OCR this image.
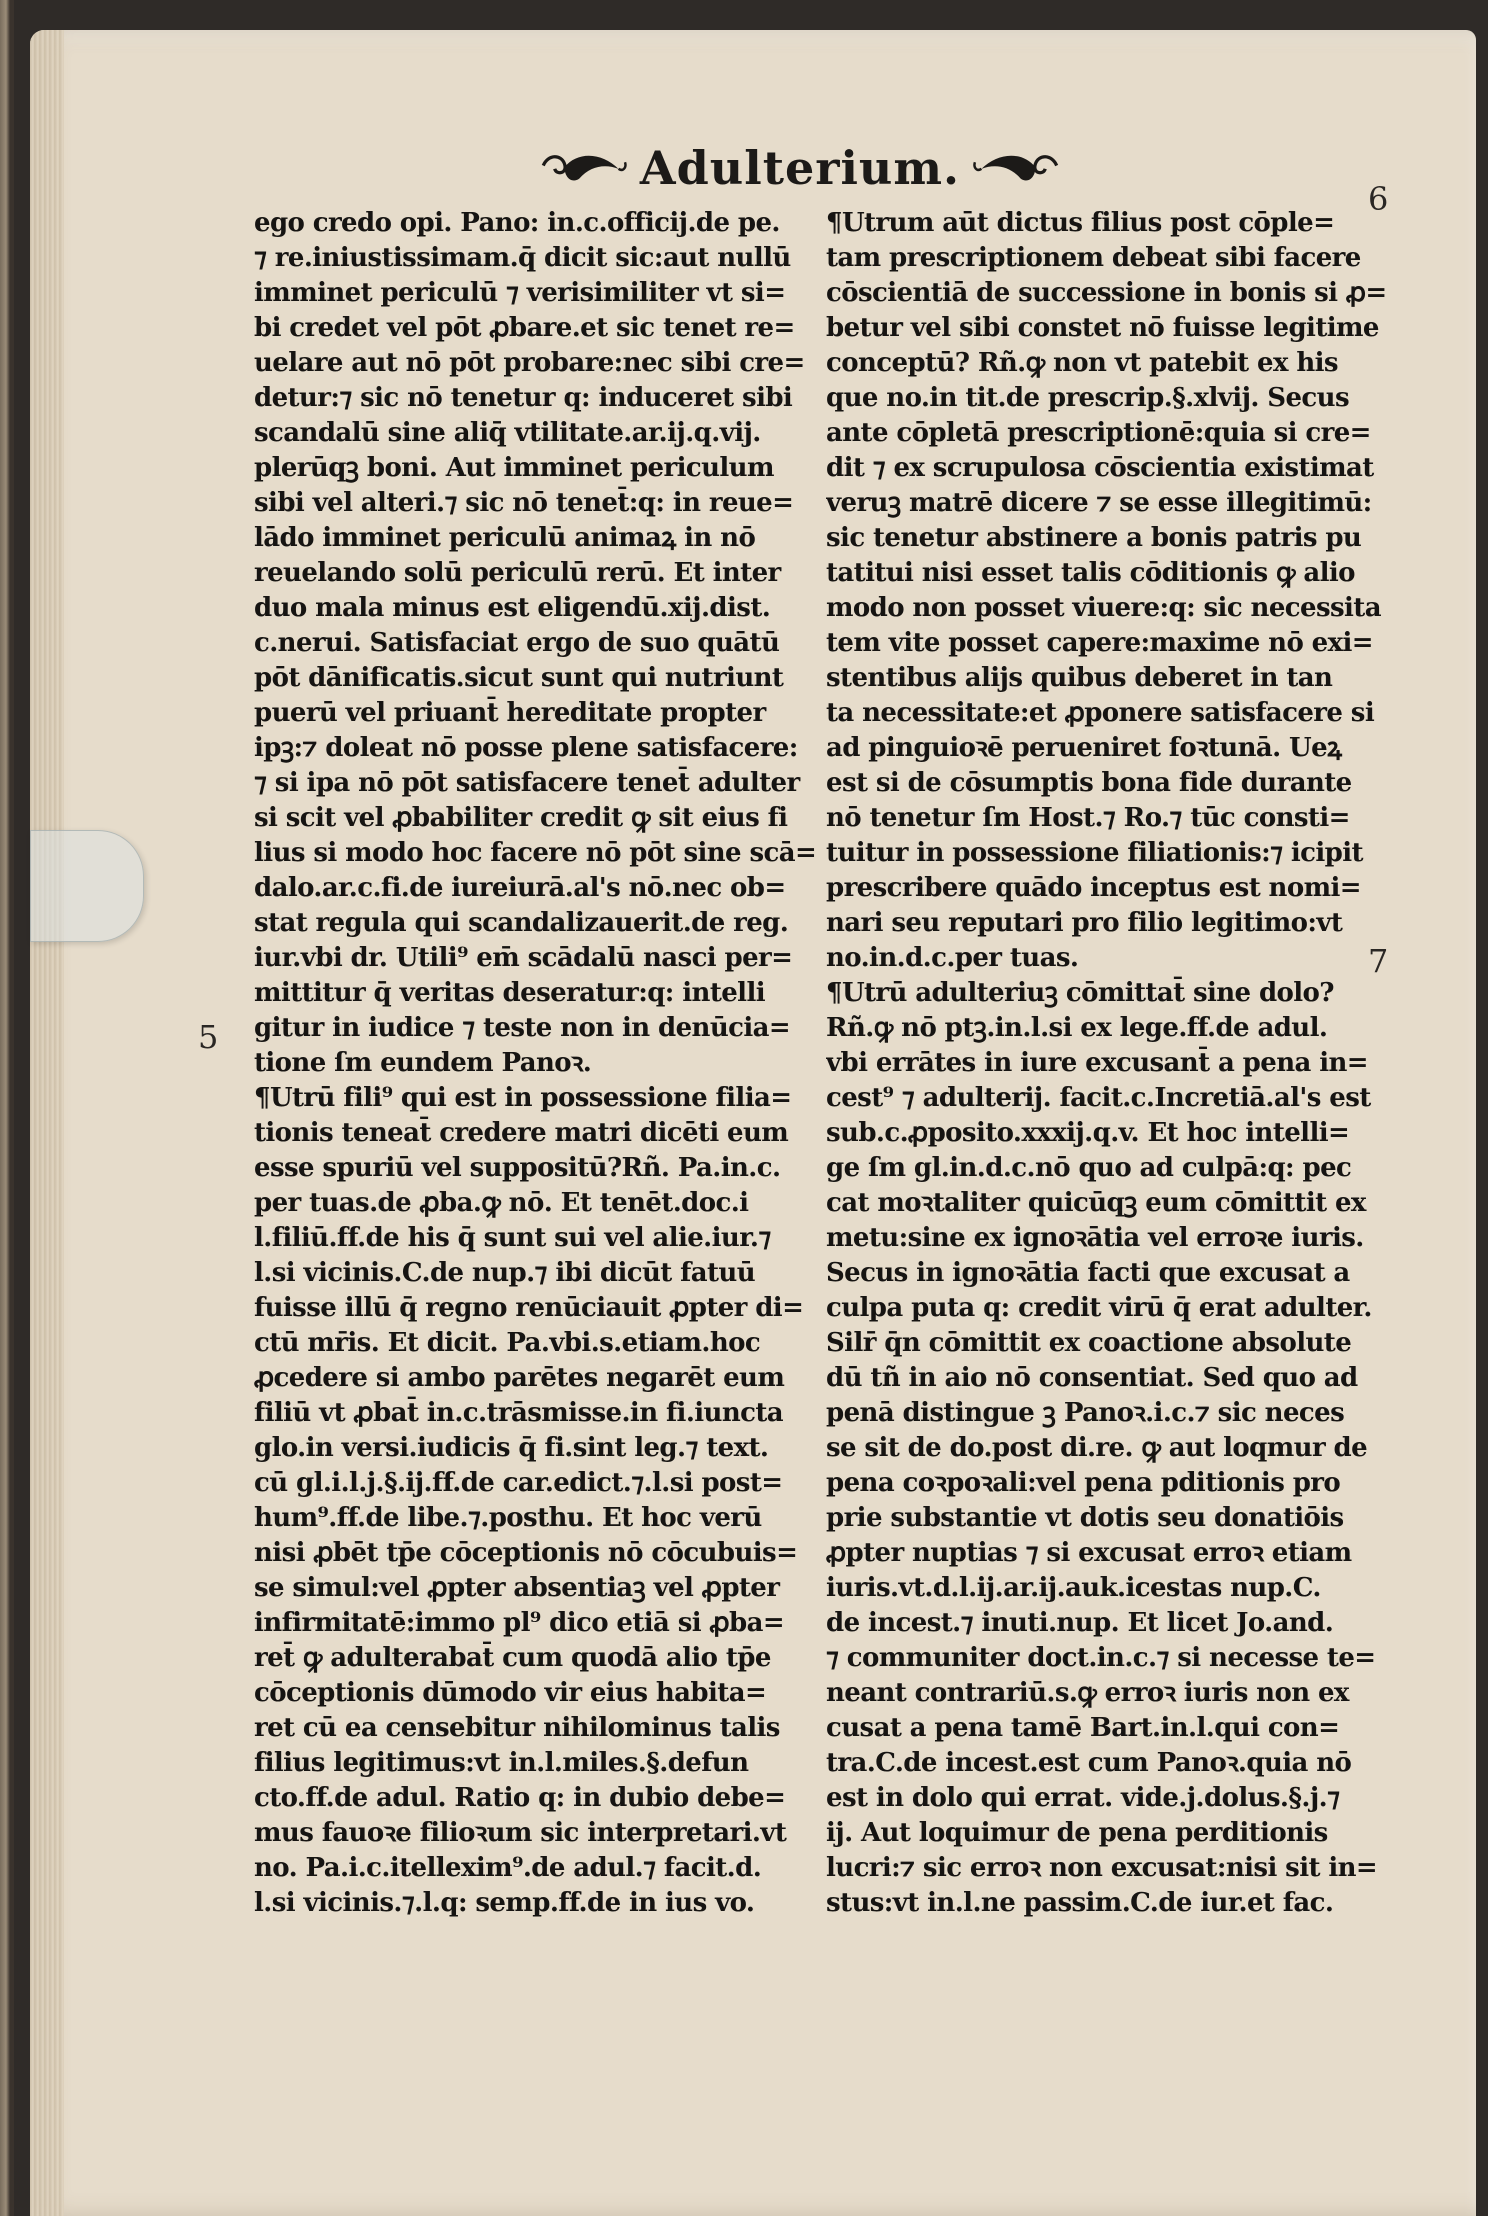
Adulterium.
6
7
5
ego credo opi. Pano: in.c.officij.de pe.
⁊ re.iniustissimam.q̄ dicit sic:aut nullū
imminet periculū ⁊ verisimiliter vt si=
bi credet vel pōt ꝓbare.et sic tenet re=
uelare aut nō pōt probare:nec sibi cre=
detur:⁊ sic nō tenetur q: induceret sibi
scandalū sine aliq̄ vtilitate.ar.ij.q.vij.
plerūqꝫ boni. Aut imminet periculum
sibi vel alteri.⁊ sic nō tenet̄:q: in reue=
lādo imminet periculū animaꝝ in nō
reuelando solū periculū rerū. Et inter
duo mala minus est eligendū.xij.dist.
c.nerui. Satisfaciat ergo de suo quātū
pōt dānificatis.sicut sunt qui nutriunt
puerū vel priuant̄ hereditate propter
ipꝫ:⁊ doleat nō posse plene satisfacere:
⁊ si ipa nō pōt satisfacere tenet̄ adulter
si scit vel ꝓbabiliter credit ꝙ sit eius fi
lius si modo hoc facere nō pōt sine scā=
dalo.ar.c.fi.de iureiurā.al's nō.nec ob=
stat regula qui scandalizauerit.de reg.
iur.vbi dr. Utili⁹ em̄ scādalū nasci per=
mittitur q̄ veritas deseratur:q: intelli
gitur in iudice ⁊ teste non in denūcia=
tione ſm eundem Panoꝛ.
¶Utrū fili⁹ qui est in possessione filia=
tionis teneat̄ credere matri dicēti eum
esse spuriū vel suppositū?Rñ. Pa.in.c.
per tuas.de ꝓba.ꝙ nō. Et tenēt.doc.i
l.filiū.ff.de his q̄ sunt sui vel alie.iur.⁊
l.si vicinis.C.de nup.⁊ ibi dicūt fatuū
fuisse illū q̄ regno renūciauit ꝓpter di=
ctū mr̄is. Et dicit. Pa.vbi.s.etiam.hoc
ꝓcedere si ambo parētes negarēt eum
filiū vt ꝓbat̄ in.c.trāsmisse.in fi.iuncta
glo.in versi.iudicis q̄ fi.sint leg.⁊ text.
cū gl.i.l.j.§.ij.ff.de car.edict.⁊.l.si post=
hum⁹.ff.de libe.⁊.posthu. Et hoc verū
nisi ꝓbēt tp̄e cōceptionis nō cōcubuis=
se simul:vel ꝓpter absentiaꝫ vel ꝓpter
infirmitatē:immo pl⁹ dico etiā si ꝓba=
ret̄ ꝙ adulterabat̄ cum quodā alio tp̄e
cōceptionis dūmodo vir eius habita=
ret cū ea censebitur nihilominus talis
filius legitimus:vt in.l.miles.§.defun
cto.ff.de adul. Ratio q: in dubio debe=
mus fauoꝛe filioꝛum sic interpretari.vt
no. Pa.i.c.itellexim⁹.de adul.⁊ facit.d.
l.si vicinis.⁊.l.q: semp.ff.de in ius vo.
¶Utrum aūt dictus filius post cōple=
tam prescriptionem debeat sibi facere
cōscientiā de successione in bonis si ꝓ=
betur vel sibi constet nō fuisse legitime
conceptū? Rñ.ꝙ non vt patebit ex his
que no.in tit.de prescrip.§.xlvij. Secus
ante cōpletā prescriptionē:quia si cre=
dit ⁊ ex scrupulosa cōscientia existimat
veruꝫ matrē dicere ⁊ se esse illegitimū:
sic tenetur abstinere a bonis patris pu
tatitui nisi esset talis cōditionis ꝙ alio
modo non posset viuere:q: sic necessita
tem vite posset capere:maxime nō exi=
stentibus alijs quibus deberet in tan
ta necessitate:et ꝓponere satisfacere si
ad pinguioꝛē perueniret foꝛtunā. Ueꝝ
est si de cōsumptis bona fide durante
nō tenetur ſm Host.⁊ Ro.⁊ tūc consti=
tuitur in possessione filiationis:⁊ icipit
prescribere quādo inceptus est nomi=
nari seu reputari pro filio legitimo:vt
no.in.d.c.per tuas.
¶Utrū adulteriuꝫ cōmittat̄ sine dolo?
Rñ.ꝙ nō ptꝫ.in.l.si ex lege.ff.de adul.
vbi errātes in iure excusant̄ a pena in=
cest⁹ ⁊ adulterij. facit.c.Incretiā.al's est
sub.c.ꝓposito.xxxij.q.v. Et hoc intelli=
ge ſm gl.in.d.c.nō quo ad culpā:q: pec
cat moꝛtaliter quicūqꝫ eum cōmittit ex
metu:sine ex ignoꝛātia vel erroꝛe iuris.
Secus in ignoꝛātia facti que excusat a
culpa puta q: credit virū q̄ erat adulter.
Silr̄ q̄n cōmittit ex coactione absolute
dū tñ in aio nō consentiat. Sed quo ad
penā distingue ꝫ Panoꝛ.i.c.⁊ sic neces
se sit de do.post di.re. ꝙ aut loqmur de
pena coꝛpoꝛali:vel pena pditionis pro
prie substantie vt dotis seu donatiōis
ꝓpter nuptias ⁊ si excusat erroꝛ etiam
iuris.vt.d.l.ij.ar.ij.auk.icestas nup.C.
de incest.⁊ inuti.nup. Et licet Jo.and.
⁊ communiter doct.in.c.⁊ si necesse te=
neant contrariū.s.ꝙ erroꝛ iuris non ex
cusat a pena tamē Bart.in.l.qui con=
tra.C.de incest.est cum Panoꝛ.quia nō
est in dolo qui errat. vide.j.dolus.§.j.⁊
ij. Aut loquimur de pena perditionis
lucri:⁊ sic erroꝛ non excusat:nisi sit in=
stus:vt in.l.ne passim.C.de iur.et fac.
